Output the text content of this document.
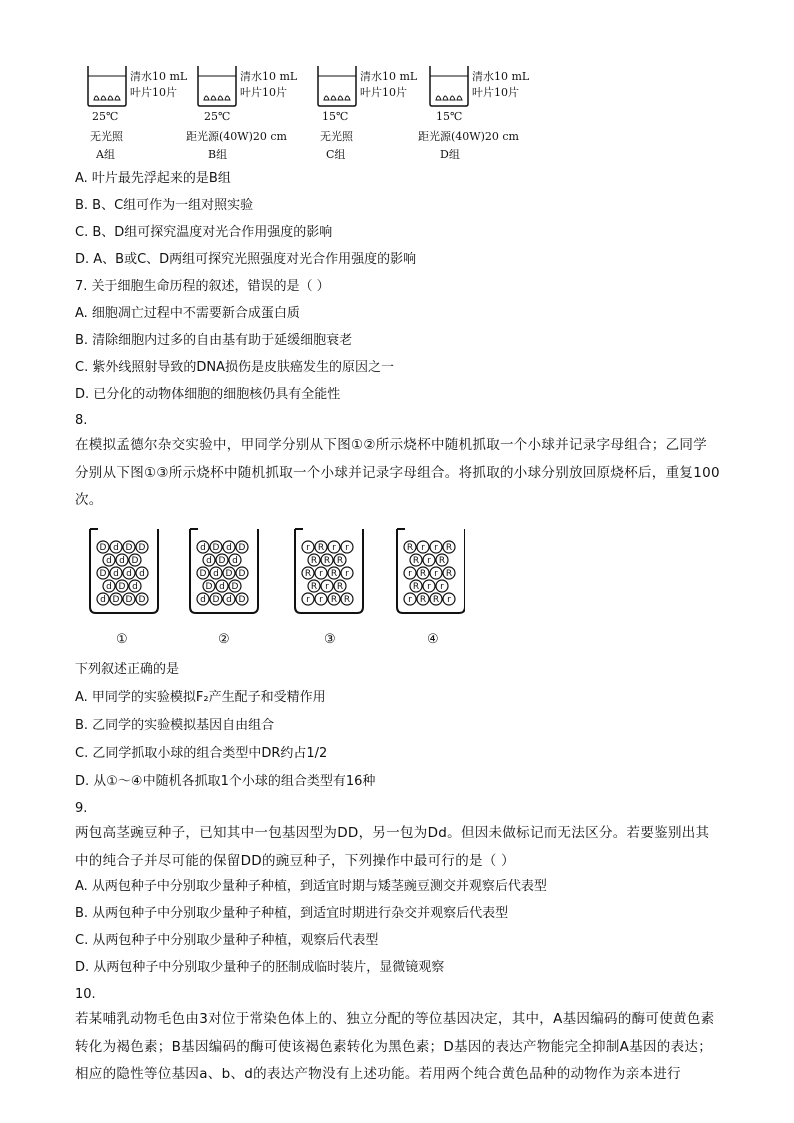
清水10 mL
叶片10片
25℃
无光照
A组
清水10 mL
叶片10片
25℃
距光源(40W)20 cm
B组
清水10 mL
叶片10片
15℃
无光照
C组
清水10 mL
叶片10片
15℃
距光源(40W)20 cm
D组
A. 叶片最先浮起来的是B组
B. B、C组可作为一组对照实验
C. B、D组可探究温度对光合作用强度的影响
D. A、B或C、D两组可探究光照强度对光合作用强度的影响
7. 关于细胞生命历程的叙述，错误的是（ ）
A. 细胞凋亡过程中不需要新合成蛋白质
B. 清除细胞内过多的自由基有助于延缓细胞衰老
C. 紫外线照射导致的DNA损伤是皮肤癌发生的原因之一
D. 已分化的动物体细胞的细胞核仍具有全能性
8.
在模拟孟德尔杂交实验中，甲同学分别从下图①②所示烧杯中随机抓取一个小球并记录字母组合；乙同学分别从下图①③所示烧杯中随机抓取一个小球并记录字母组合。将抓取的小球分别放回原烧杯后，重复100次。
D d D D
d d D
D d d d
d D d
d D D D
d D d D
d D d
D d D D
D d D
d D d D
r R r r
R R R
R r R r
R r R
r r R R
R r r R
R r R
r R r R
R r r
r R R r
①	②	③	④
下列叙述正确的是
A. 甲同学的实验模拟F₂产生配子和受精作用
B. 乙同学的实验模拟基因自由组合
C. 乙同学抓取小球的组合类型中DR约占1/2
D. 从①～④中随机各抓取1个小球的组合类型有16种
9.
两包高茎豌豆种子，已知其中一包基因型为DD，另一包为Dd。但因未做标记而无法区分。若要鉴别出其中的纯合子并尽可能的保留DD的豌豆种子，下列操作中最可行的是（ ）
A. 从两包种子中分别取少量种子种植，到适宜时期与矮茎豌豆测交并观察后代表型
B. 从两包种子中分别取少量种子种植，到适宜时期进行杂交并观察后代表型
C. 从两包种子中分别取少量种子种植，观察后代表型
D. 从两包种子中分别取少量种子的胚制成临时装片，显微镜观察
10.
若某哺乳动物毛色由3对位于常染色体上的、独立分配的等位基因决定，其中，A基因编码的酶可使黄色素转化为褐色素；B基因编码的酶可使该褐色素转化为黑色素；D基因的表达产物能完全抑制A基因的表达；相应的隐性等位基因a、b、d的表达产物没有上述功能。若用两个纯合黄色品种的动物作为亲本进行
